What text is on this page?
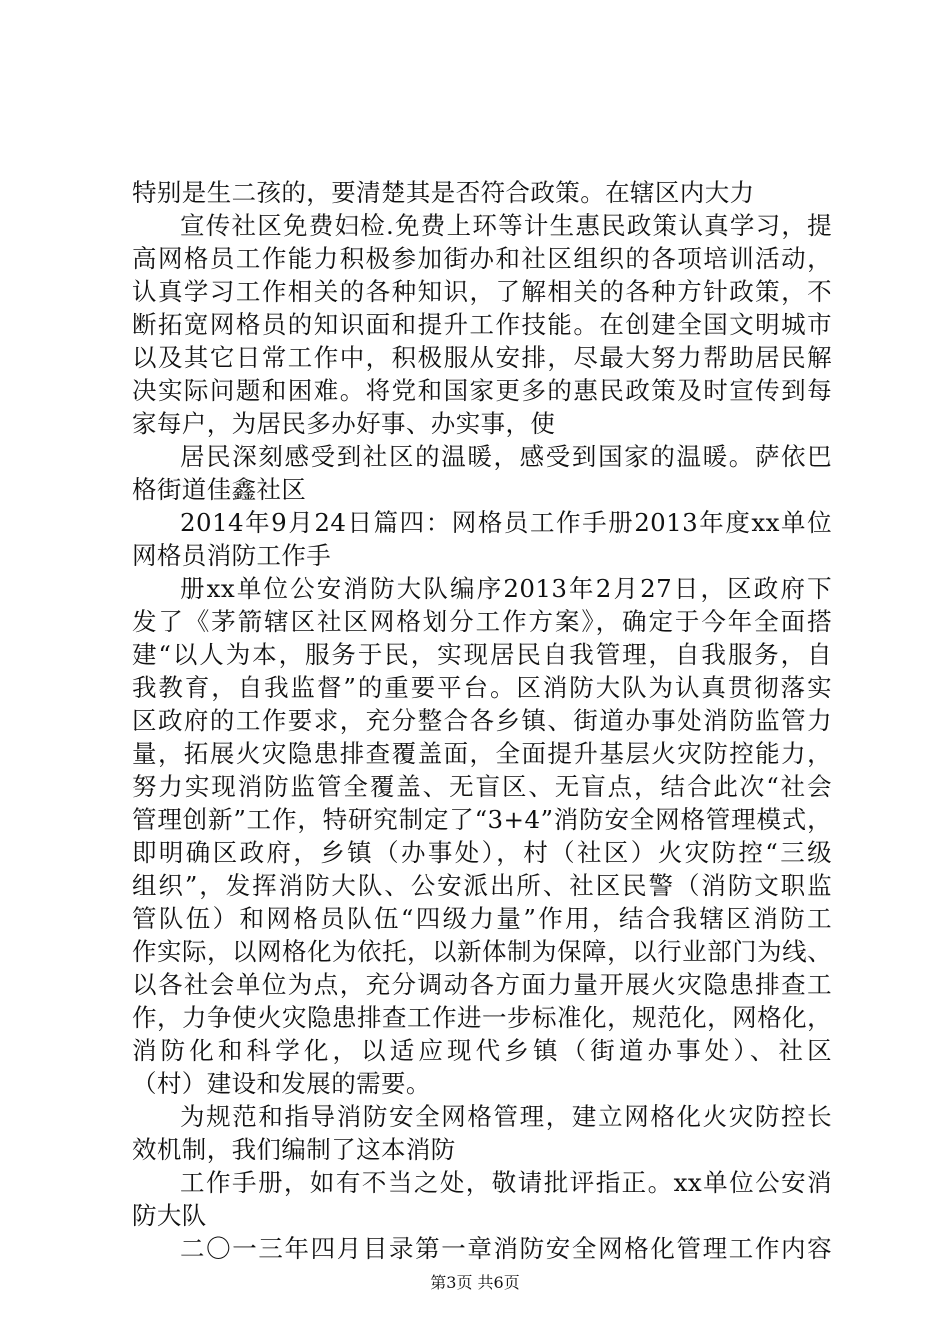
特别是生二孩的，要清楚其是否符合政策。在辖区内大力
宣传社区免费妇检.免费上环等计生惠民政策认真学习，提
高网格员工作能力积极参加街办和社区组织的各项培训活动，
认真学习工作相关的各种知识，了解相关的各种方针政策，不
断拓宽网格员的知识面和提升工作技能。在创建全国文明城市
以及其它日常工作中，积极服从安排，尽最大努力帮助居民解
决实际问题和困难。将党和国家更多的惠民政策及时宣传到每
家每户，为居民多办好事、办实事，使
居民深刻感受到社区的温暖，感受到国家的温暖。萨依巴
格街道佳鑫社区
2014年9月24日篇四：网格员工作手册2013年度xx单位
网格员消防工作手
册xx单位公安消防大队编序2013年2月27日，区政府下
发了《茅箭辖区社区网格划分工作方案》，确定于今年全面搭
建“以人为本，服务于民，实现居民自我管理，自我服务，自
我教育，自我监督”的重要平台。区消防大队为认真贯彻落实
区政府的工作要求，充分整合各乡镇、街道办事处消防监管力
量，拓展火灾隐患排查覆盖面，全面提升基层火灾防控能力，
努力实现消防监管全覆盖、无盲区、无盲点，结合此次“社会
管理创新”工作，特研究制定了“3+4”消防安全网格管理模式，
即明确区政府，乡镇（办事处），村（社区）火灾防控“三级
组织”，发挥消防大队、公安派出所、社区民警（消防文职监
管队伍）和网格员队伍“四级力量”作用，结合我辖区消防工
作实际，以网格化为依托，以新体制为保障，以行业部门为线、
以各社会单位为点，充分调动各方面力量开展火灾隐患排查工
作，力争使火灾隐患排查工作进一步标准化，规范化，网格化，
消防化和科学化，以适应现代乡镇（街道办事处）、社区
（村）建设和发展的需要。
为规范和指导消防安全网格管理，建立网格化火灾防控长
效机制，我们编制了这本消防
工作手册，如有不当之处，敬请批评指正。xx单位公安消
防大队
二〇一三年四月目录第一章消防安全网格化管理工作内容
第3页 共6页
